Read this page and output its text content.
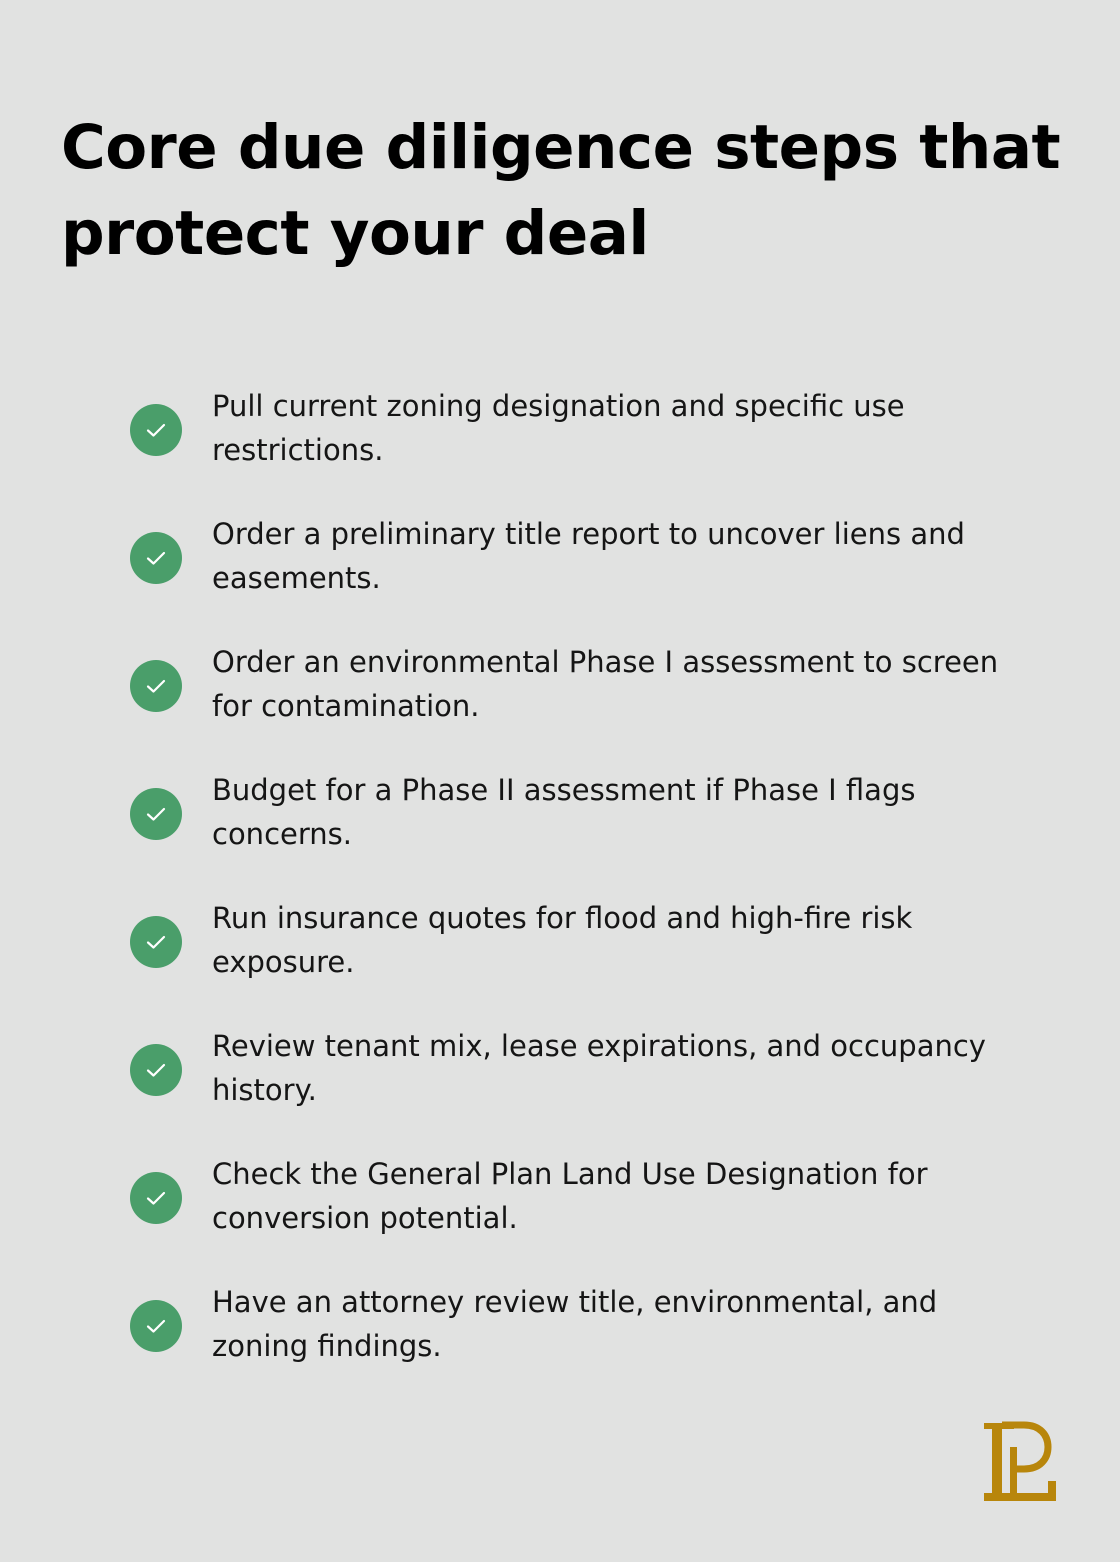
Core due diligence steps that protect your deal
Pull current zoning designation and specific use restrictions.
Order a preliminary title report to uncover liens and easements.
Order an environmental Phase I assessment to screen for contamination.
Budget for a Phase II assessment if Phase I flags concerns.
Run insurance quotes for flood and high-fire risk exposure.
Review tenant mix, lease expirations, and occupancy history.
Check the General Plan Land Use Designation for conversion potential.
Have an attorney review title, environmental, and zoning findings.
